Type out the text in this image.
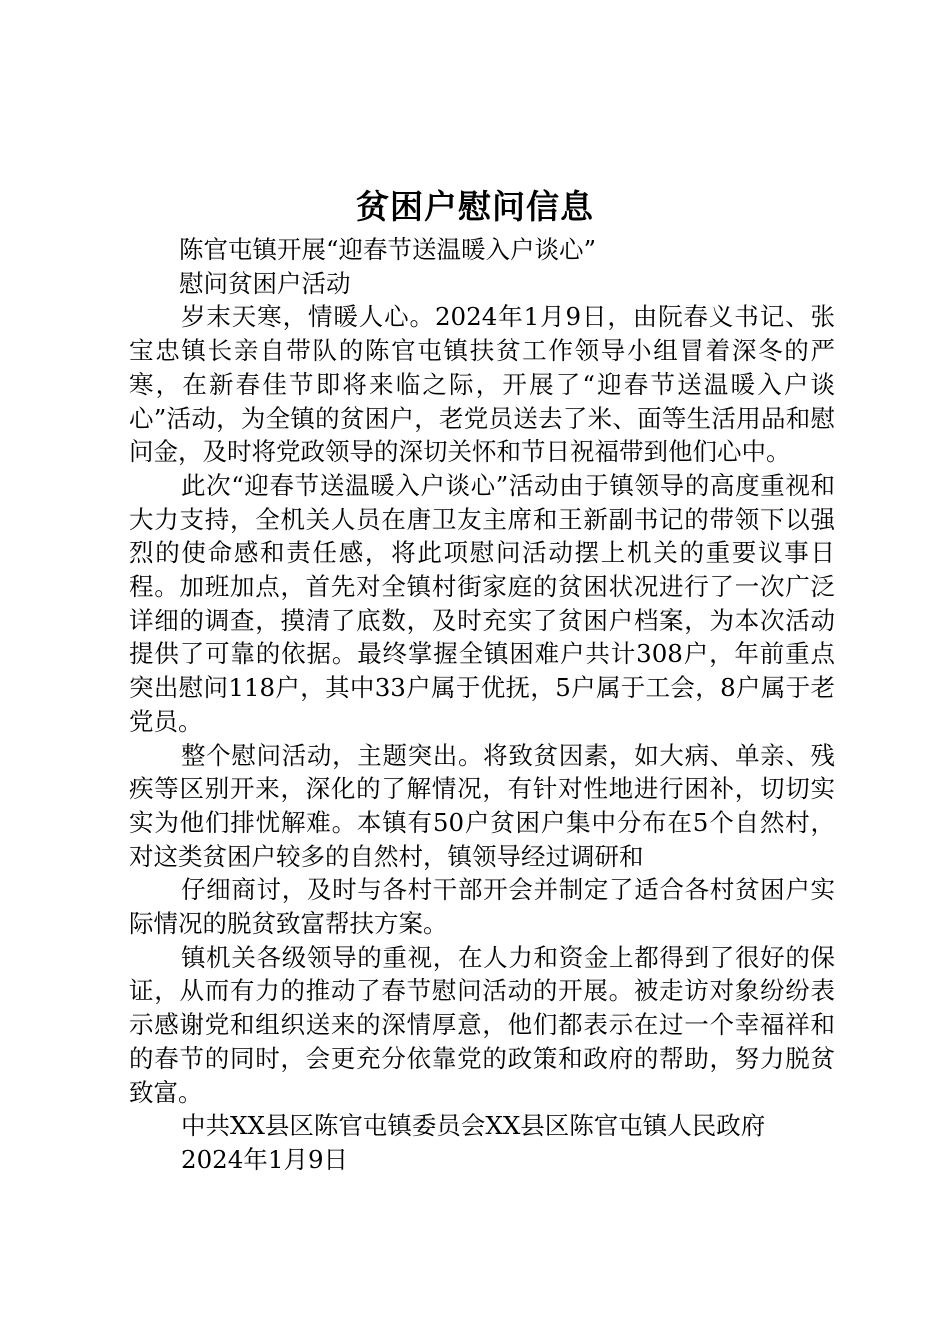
贫困户慰问信息

陈官屯镇开展“迎春节送温暖入户谈心”

慰问贫困户活动

岁末天寒，情暖人心。2024年1月9日，由阮春义书记、张宝忠镇长亲自带队的陈官屯镇扶贫工作领导小组冒着深冬的严寒，在新春佳节即将来临之际，开展了“迎春节送温暖入户谈心”活动，为全镇的贫困户，老党员送去了米、面等生活用品和慰问金，及时将党政领导的深切关怀和节日祝福带到他们心中。

此次“迎春节送温暖入户谈心”活动由于镇领导的高度重视和大力支持，全机关人员在唐卫友主席和王新副书记的带领下以强烈的使命感和责任感，将此项慰问活动摆上机关的重要议事日程。加班加点，首先对全镇村街家庭的贫困状况进行了一次广泛详细的调查，摸清了底数，及时充实了贫困户档案，为本次活动提供了可靠的依据。最终掌握全镇困难户共计308户，年前重点突出慰问118户，其中33户属于优抚，5户属于工会，8户属于老党员。

整个慰问活动，主题突出。将致贫因素，如大病、单亲、残疾等区别开来，深化的了解情况，有针对性地进行困补，切切实实为他们排忧解难。本镇有50户贫困户集中分布在5个自然村，对这类贫困户较多的自然村，镇领导经过调研和

仔细商讨，及时与各村干部开会并制定了适合各村贫困户实际情况的脱贫致富帮扶方案。

镇机关各级领导的重视，在人力和资金上都得到了很好的保证，从而有力的推动了春节慰问活动的开展。被走访对象纷纷表示感谢党和组织送来的深情厚意，他们都表示在过一个幸福祥和的春节的同时，会更充分依靠党的政策和政府的帮助，努力脱贫致富。

中共XX县区陈官屯镇委员会XX县区陈官屯镇人民政府

2024年1月9日
